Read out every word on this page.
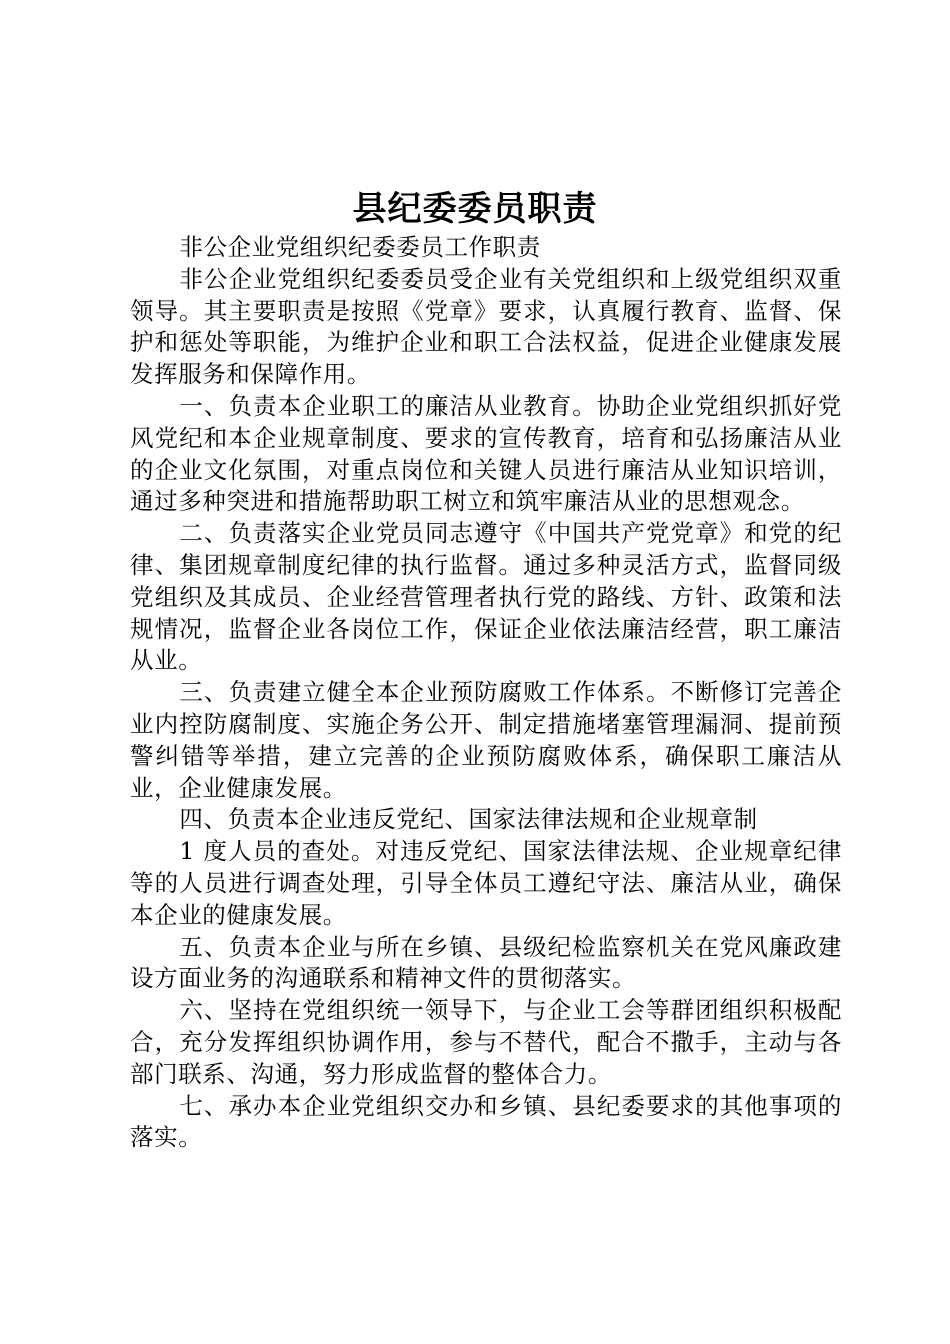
县纪委委员职责

非公企业党组织纪委委员工作职责

非公企业党组织纪委委员受企业有关党组织和上级党组织双重领导。其主要职责是按照《党章》要求，认真履行教育、监督、保护和惩处等职能，为维护企业和职工合法权益，促进企业健康发展发挥服务和保障作用。

一、负责本企业职工的廉洁从业教育。协助企业党组织抓好党风党纪和本企业规章制度、要求的宣传教育，培育和弘扬廉洁从业的企业文化氛围，对重点岗位和关键人员进行廉洁从业知识培训，通过多种突进和措施帮助职工树立和筑牢廉洁从业的思想观念。

二、负责落实企业党员同志遵守《中国共产党党章》和党的纪律、集团规章制度纪律的执行监督。通过多种灵活方式，监督同级党组织及其成员、企业经营管理者执行党的路线、方针、政策和法规情况，监督企业各岗位工作，保证企业依法廉洁经营，职工廉洁从业。

三、负责建立健全本企业预防腐败工作体系。不断修订完善企业内控防腐制度、实施企务公开、制定措施堵塞管理漏洞、提前预警纠错等举措，建立完善的企业预防腐败体系，确保职工廉洁从业，企业健康发展。

四、负责本企业违反党纪、国家法律法规和企业规章制

1 度人员的查处。对违反党纪、国家法律法规、企业规章纪律等的人员进行调查处理，引导全体员工遵纪守法、廉洁从业，确保本企业的健康发展。

五、负责本企业与所在乡镇、县级纪检监察机关在党风廉政建设方面业务的沟通联系和精神文件的贯彻落实。

六、坚持在党组织统一领导下，与企业工会等群团组织积极配合，充分发挥组织协调作用，参与不替代，配合不撒手，主动与各部门联系、沟通，努力形成监督的整体合力。

七、承办本企业党组织交办和乡镇、县纪委要求的其他事项的落实。
